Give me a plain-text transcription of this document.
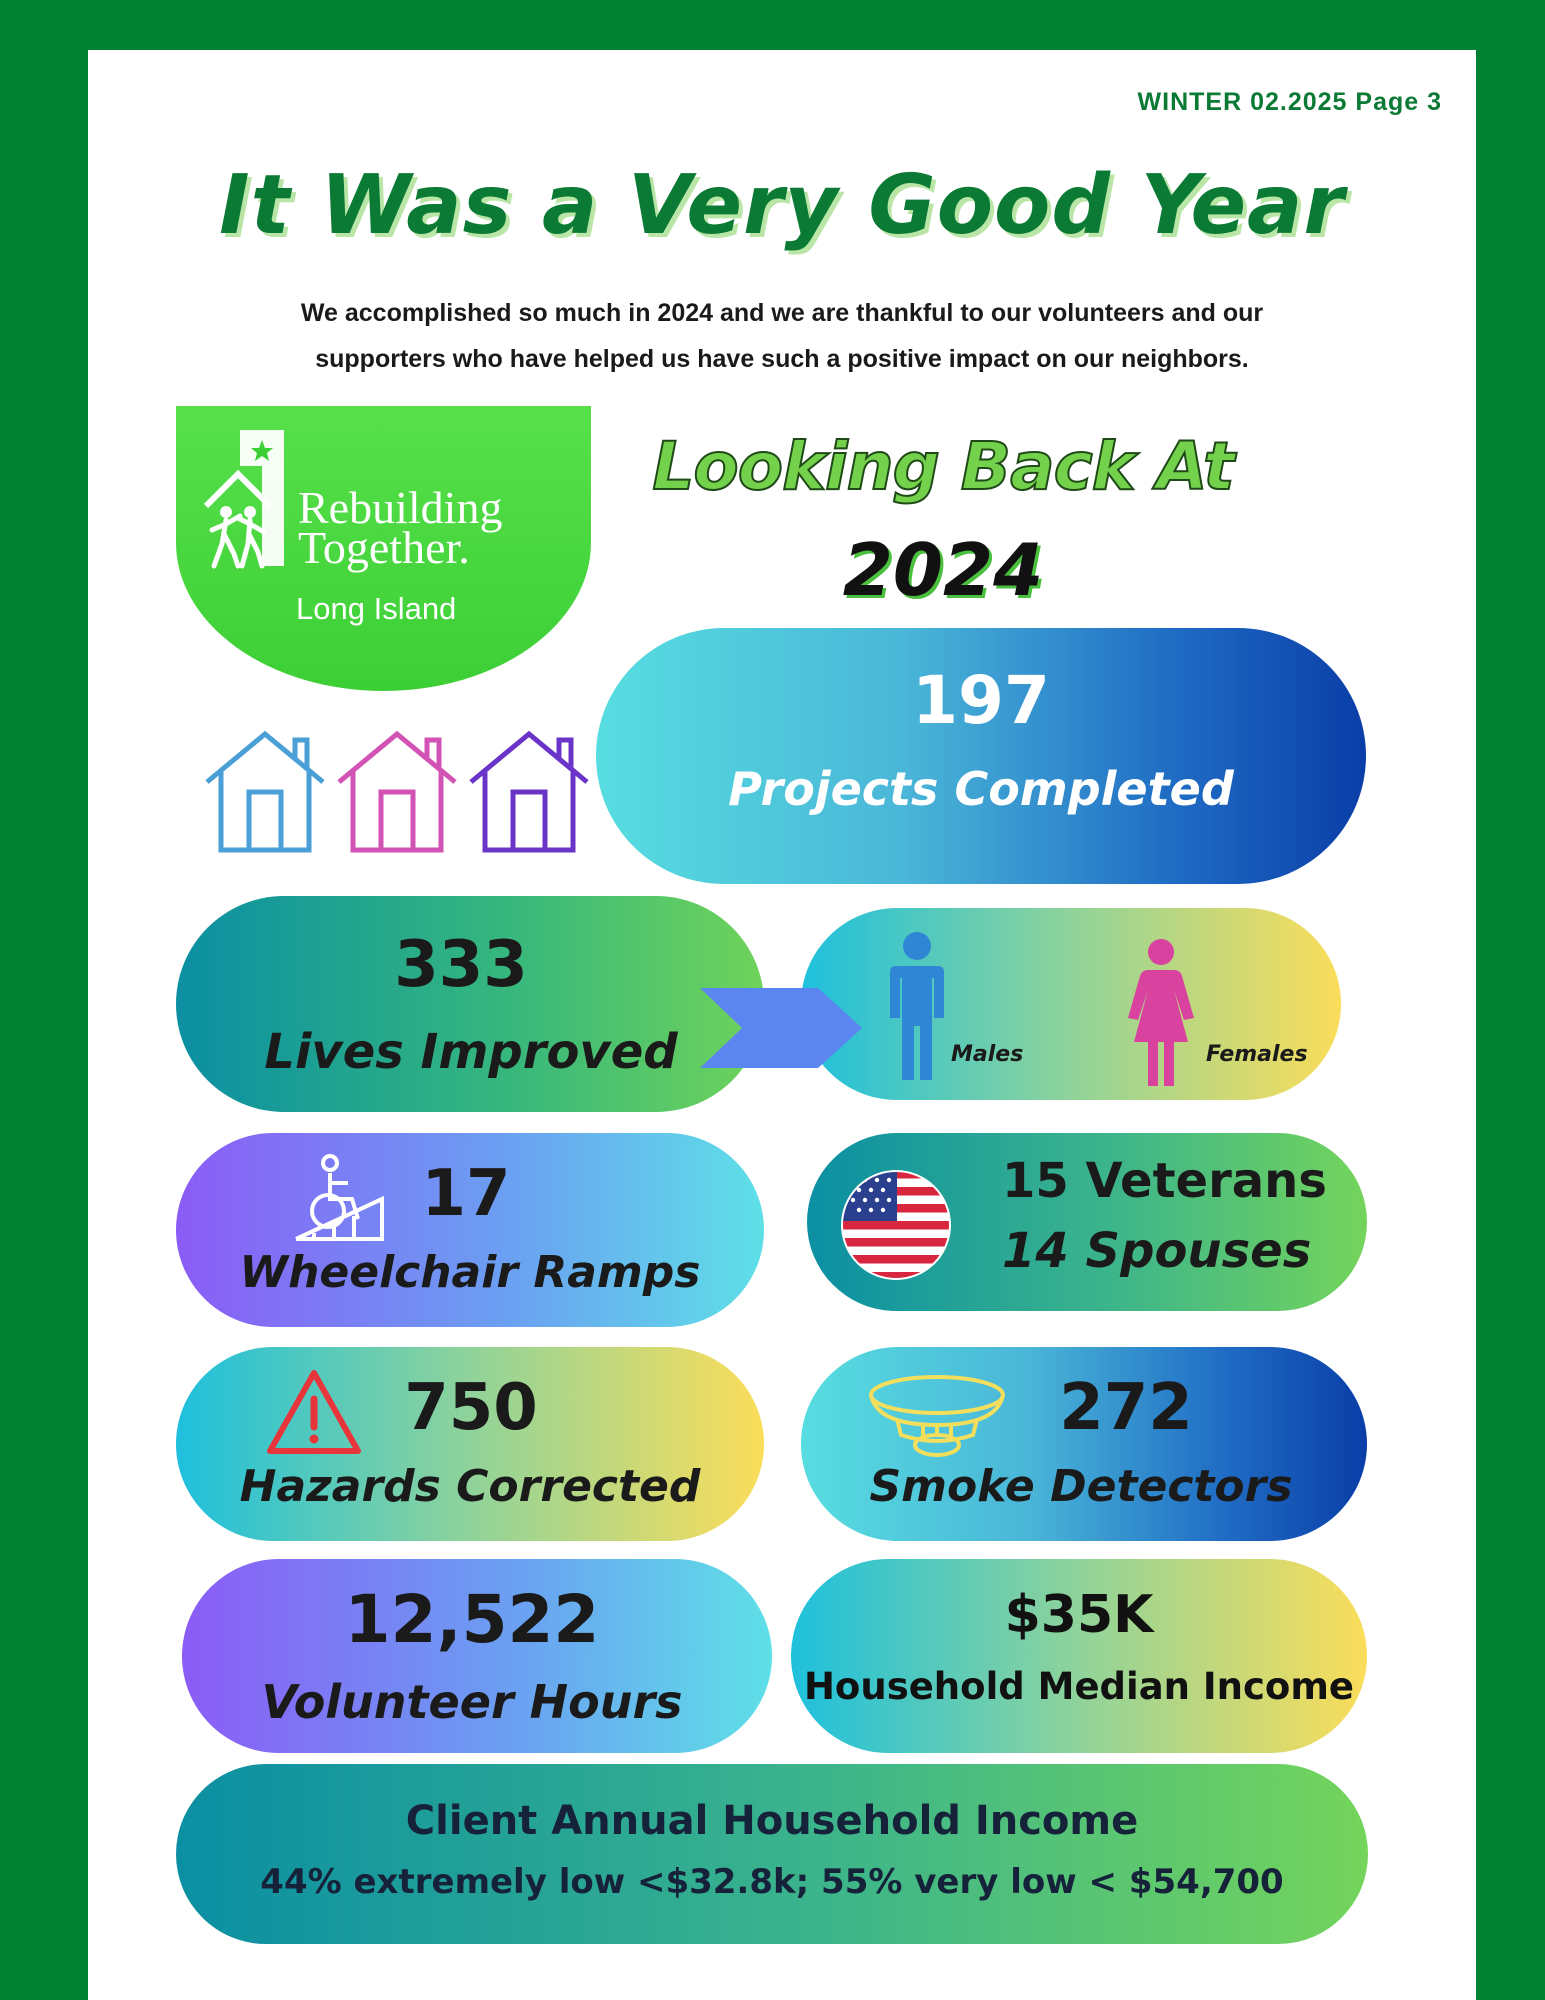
WINTER 02.2025 Page 3
It Was a Very Good Year
We accomplished so much in 2024 and we are thankful to our volunteers and our
supporters who have helped us have such a positive impact on our neighbors.
Rebuilding
Together.
Long Island
Looking Back At
2024
197
Projects Completed
333
Lives Improved	Males	Females
17
Wheelchair Ramps
15 Veterans
14 Spouses
750
Hazards Corrected
272
Smoke Detectors
12,522
Volunteer Hours
$35K
Household Median Income
Client Annual Household Income
44% extremely low <$32.8k; 55% very low < $54,700
